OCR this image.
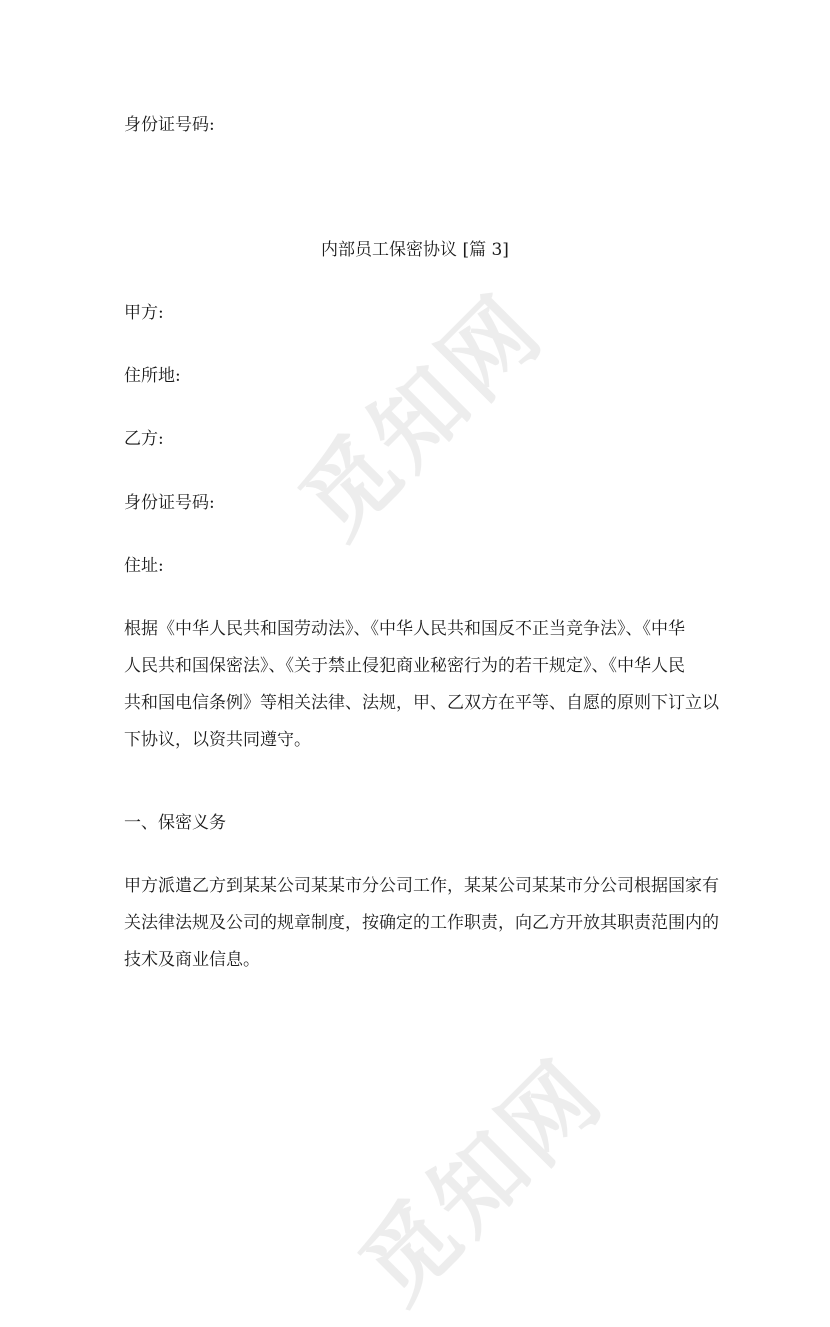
觅知网
觅知网
身份证号码:
内部员工保密协议 [篇 3]
甲方:
住所地:
乙方:
身份证号码:
住址:
根据《中华人民共和国劳动法》、《中华人民共和国反不正当竞争法》、《中华
人民共和国保密法》、《关于禁止侵犯商业秘密行为的若干规定》、《中华人民
共和国电信条例》等相关法律、法规，甲、乙双方在平等、自愿的原则下订立以
下协议，以资共同遵守。
一、保密义务
甲方派遣乙方到某某公司某某市分公司工作，某某公司某某市分公司根据国家有
关法律法规及公司的规章制度，按确定的工作职责，向乙方开放其职责范围内的
技术及商业信息。
